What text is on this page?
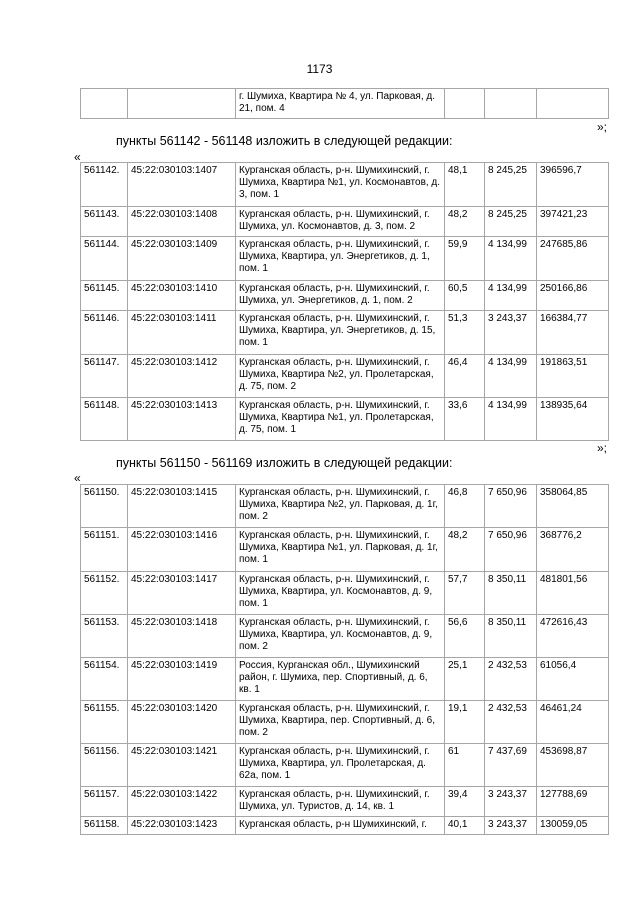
1173
		г. Шумиха, Квартира № 4, ул. Парковая, д. 21, пом. 4			
»;
пункты 561142 - 561148 изложить в следующей редакции:
«
561142.	45:22:030103:1407	Курганская область, р-н. Шумихинский, г. Шумиха, Квартира №1, ул. Космонавтов, д. 3, пом. 1	48,1	8 245,25	396596,7
561143.	45:22:030103:1408	Курганская область, р-н. Шумихинский, г. Шумиха, ул. Космонавтов, д. 3, пом. 2	48,2	8 245,25	397421,23
561144.	45:22:030103:1409	Курганская область, р-н. Шумихинский, г. Шумиха, Квартира, ул. Энергетиков, д. 1, пом. 1	59,9	4 134,99	247685,86
561145.	45:22:030103:1410	Курганская область, р-н. Шумихинский, г. Шумиха, ул. Энергетиков, д. 1, пом. 2	60,5	4 134,99	250166,86
561146.	45:22:030103:1411	Курганская область, р-н. Шумихинский, г. Шумиха, Квартира, ул. Энергетиков, д. 15, пом. 1	51,3	3 243,37	166384,77
561147.	45:22:030103:1412	Курганская область, р-н. Шумихинский, г. Шумиха, Квартира №2, ул. Пролетарская, д. 75, пом. 2	46,4	4 134,99	191863,51
561148.	45:22:030103:1413	Курганская область, р-н. Шумихинский, г. Шумиха, Квартира №1, ул. Пролетарская, д. 75, пом. 1	33,6	4 134,99	138935,64
»;
пункты 561150 - 561169 изложить в следующей редакции:
«
561150.	45:22:030103:1415	Курганская область, р-н. Шумихинский, г. Шумиха, Квартира №2, ул. Парковая, д. 1г, пом. 2	46,8	7 650,96	358064,85
561151.	45:22:030103:1416	Курганская область, р-н. Шумихинский, г. Шумиха, Квартира №1, ул. Парковая, д. 1г, пом. 1	48,2	7 650,96	368776,2
561152.	45:22:030103:1417	Курганская область, р-н. Шумихинский, г. Шумиха, Квартира, ул. Космонавтов, д. 9, пом. 1	57,7	8 350,11	481801,56
561153.	45:22:030103:1418	Курганская область, р-н. Шумихинский, г. Шумиха, Квартира, ул. Космонавтов, д. 9, пом. 2	56,6	8 350,11	472616,43
561154.	45:22:030103:1419	Россия, Курганская обл., Шумихинский район, г. Шумиха, пер. Спортивный, д. 6, кв. 1	25,1	2 432,53	61056,4
561155.	45:22:030103:1420	Курганская область, р-н. Шумихинский, г. Шумиха, Квартира, пер. Спортивный, д. 6, пом. 2	19,1	2 432,53	46461,24
561156.	45:22:030103:1421	Курганская область, р-н. Шумихинский, г. Шумиха, Квартира, ул. Пролетарская, д. 62а, пом. 1	61	7 437,69	453698,87
561157.	45:22:030103:1422	Курганская область, р-н. Шумихинский, г. Шумиха, ул. Туристов, д. 14, кв. 1	39,4	3 243,37	127788,69
561158.	45:22:030103:1423	Курганская область, р-н Шумихинский, г.	40,1	3 243,37	130059,05
